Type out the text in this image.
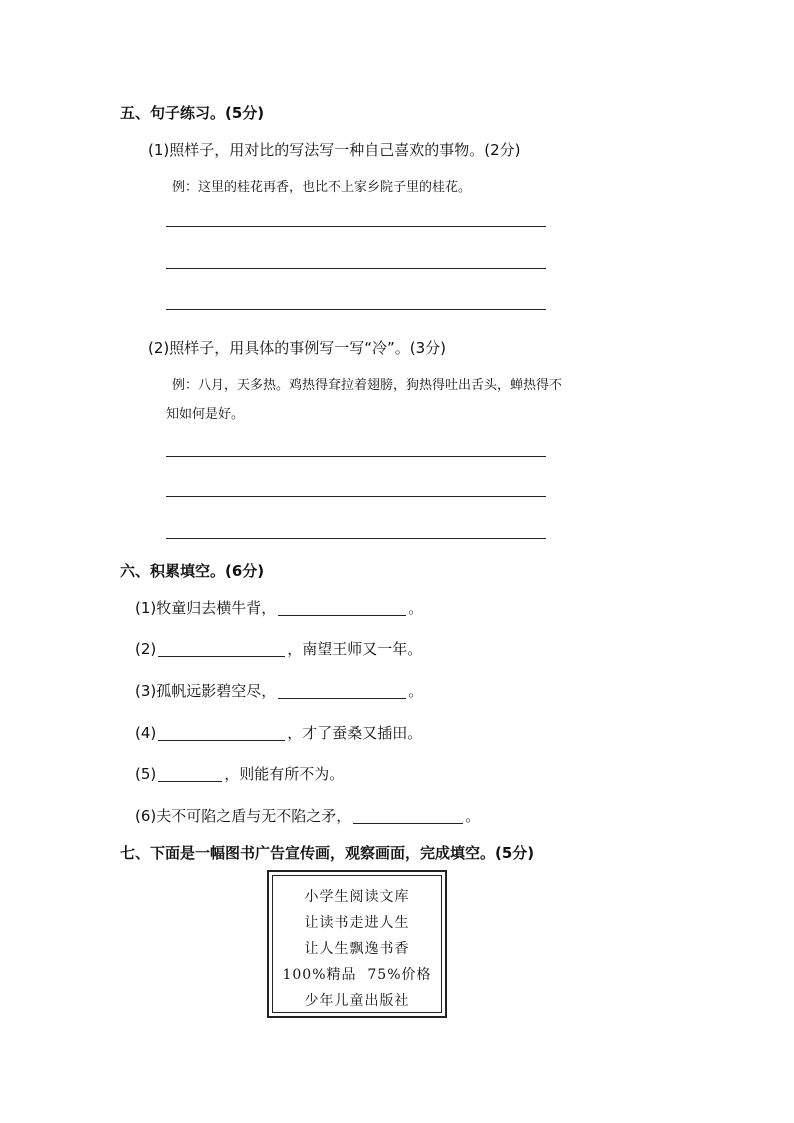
五、句子练习。(5分)
(1)照样子，用对比的写法写一种自己喜欢的事物。(2分)
例：这里的桂花再香，也比不上家乡院子里的桂花。
(2)照样子，用具体的事例写一写“冷”。(3分)
例：八月，天多热。鸡热得耷拉着翅膀，狗热得吐出舌头，蝉热得不
知如何是好。
六、积累填空。(6分)
(1)牧童归去横牛背，	。
(2)	，南望王师又一年。
(3)孤帆远影碧空尽，	。
(4)	，才了蚕桑又插田。
(5)	，则能有所不为。
(6)夫不可陷之盾与无不陷之矛，	。
七、下面是一幅图书广告宣传画，观察画面，完成填空。(5分)
小学生阅读文库
让读书走进人生
让人生飘逸书香
100%精品  75%价格
少年儿童出版社
